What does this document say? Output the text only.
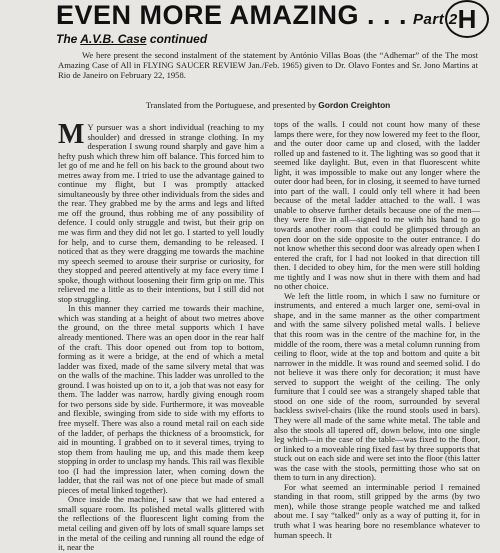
EVEN MORE AMAZING . . . Part 2 H
The A.V.B. Case continued
We here present the second instalment of the statement by António Villas Boas (the “Adhemar” of the The most Amazing Case of All in FLYING SAUCER REVIEW Jan./Feb. 1965) given to Dr. Olavo Fontes and Sr. Jono Martins at Rio de Janeiro on February 22, 1958.
Translated from the Portuguese, and presented by Gordon Creighton

M Y pursuer was a short individual (reaching to my shoulder) and dressed in strange clothing. In my desperation I swung round sharply and gave him a hefty push which threw him off balance. This forced him to let go of me and he fell on his back to the ground about two metres away from me. I tried to use the advantage gained to continue my flight, but I was promptly attacked simultaneously by three other individuals from the sides and the rear. They grabbed me by the arms and legs and lifted me off the ground, thus robbing me of any possibility of defence. I could only struggle and twist, but their grip on me was firm and they did not let go. I started to yell loudly for help, and to curse them, demanding to be released. I noticed that as they were dragging me towards the machine my speech seemed to arouse their surprise or curiosity, for they stopped and peered attentively at my face every time I spoke, though without loosening their firm grip on me. This relieved me a little as to their intentions, but I still did not stop struggling.

In this manner they carried me towards their machine, which was standing at a height of about two metres above the ground, on the three metal supports which I have already mentioned. There was an open door in the rear half of the craft. This door opened out from top to bottom, forming as it were a bridge, at the end of which a metal ladder was fixed, made of the same silvery metal that was on the walls of the machine. This ladder was unrolled to the ground. I was hoisted up on to it, a job that was not easy for them. The ladder was narrow, hardly giving enough room for two persons side by side. Furthermore, it was moveable and flexible, swinging from side to side with my efforts to free myself. There was also a round metal rail on each side of the ladder, of perhaps the thickness of a broomstick, for aid in mounting. I grabbed on to it several times, trying to stop them from hauling me up, and this made them keep stopping in order to unclasp my hands. This rail was flexible too (I had the impression later, when coming down the ladder, that the rail was not of one piece but made of small pieces of metal linked together).

Once inside the machine, I saw that we had entered a small square room. Its polished metal walls glittered with the reflections of the fluorescent light coming from the metal ceiling and given off by lots of small square lamps set in the metal of the ceiling and running all round the edge of it, near the

tops of the walls. I could not count how many of these lamps there were, for they now lowered my feet to the floor, and the outer door came up and closed, with the ladder rolled up and fastened to it. The lighting was so good that it seemed like daylight. But, even in that fluorescent white light, it was impossible to make out any longer where the outer door had been, for in closing, it seemed to have turned into part of the wall. I could only tell where it had been because of the metal ladder attached to the wall. I was unable to observe further details because one of the men—they were five in all—signed to me with his hand to go towards another room that could be glimpsed through an open door on the side opposite to the outer entrance. I do not know whether this second door was already open when I entered the craft, for I had not looked in that direction till then. I decided to obey him, for the men were still holding me tightly and I was now shut in there with them and had no other choice.

We left the little room, in which I saw no furniture or instruments, and entered a much larger one, semi-oval in shape, and in the same manner as the other compartment and with the same silvery polished metal walls. I believe that this room was in the centre of the machine for, in the middle of the room, there was a metal column running from ceiling to floor, wide at the top and bottom and quite a bit narrower in the middle. It was round and seemed solid. I do not believe it was there only for decoration; it must have served to support the weight of the ceiling. The only furniture that I could see was a strangely shaped table that stood on one side of the room, surrounded by several backless swivel-chairs (like the round stools used in bars). They were all made of the same white metal. The table and also the stools all tapered off, down below, into one single leg which—in the case of the table—was fixed to the floor, or linked to a moveable ring fixed fast by three supports that stuck out on each side and were set into the floor (this latter was the case with the stools, permitting those who sat on them to turn in any direction).

For what seemed an interminable period I remained standing in that room, still gripped by the arms (by two men), while those strange people watched me and talked about me. I say “talked” only as a way of putting it, for in truth what I was hearing bore no resemblance whatever to human speech. It
